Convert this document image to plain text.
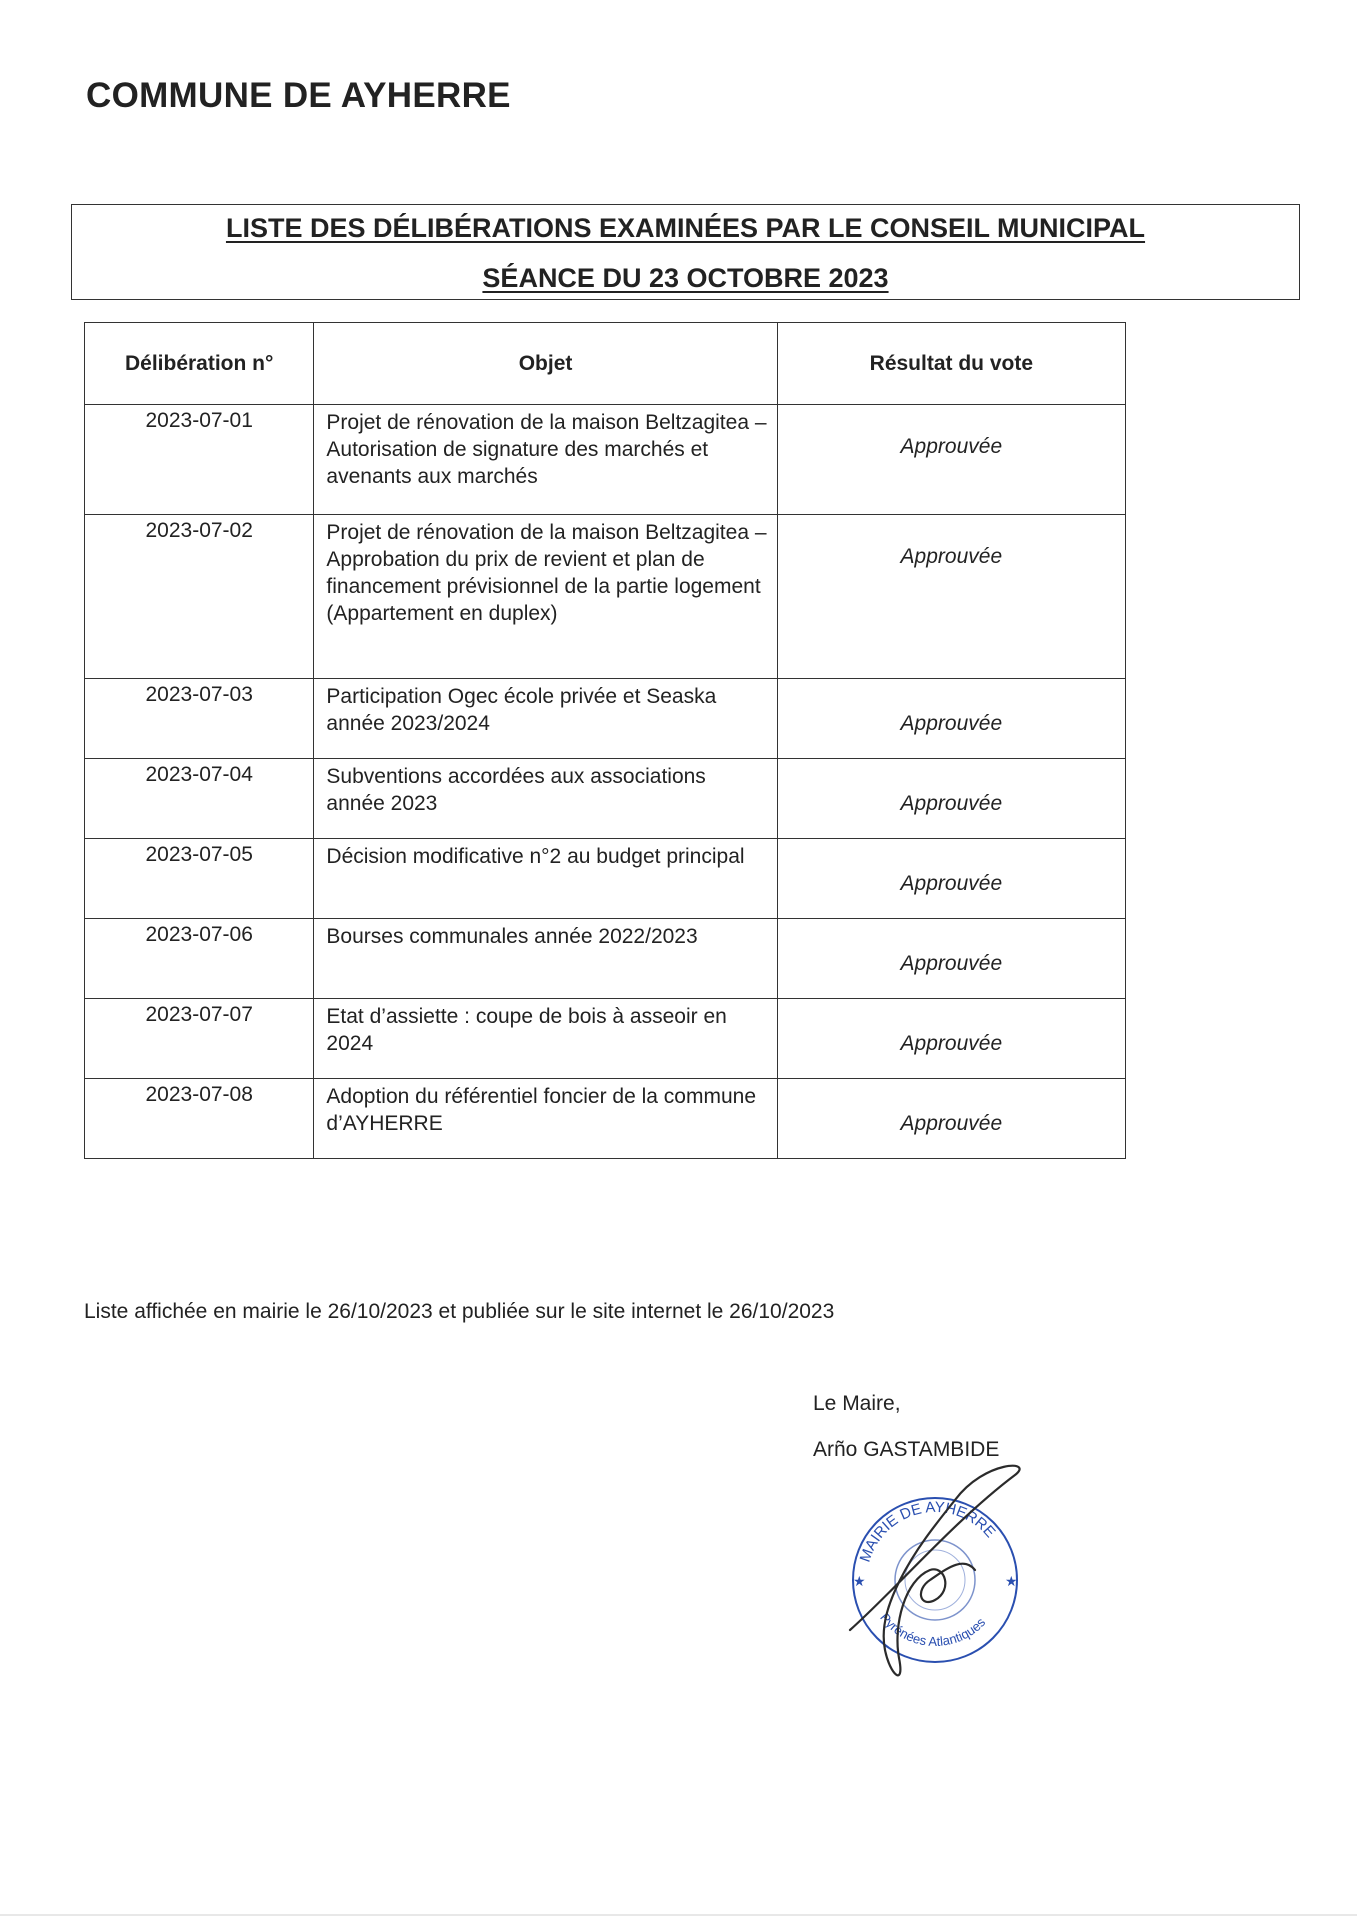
COMMUNE DE AYHERRE
LISTE DES DÉLIBÉRATIONS EXAMINÉES PAR LE CONSEIL MUNICIPAL
SÉANCE DU 23 OCTOBRE 2023
Délibération n°	Objet	Résultat du vote
2023-07-01	Projet de rénovation de la maison Beltzagitea – Autorisation de signature des marchés et avenants aux marchés	Approuvée
2023-07-02	Projet de rénovation de la maison Beltzagitea – Approbation du prix de revient et plan de financement prévisionnel de la partie logement (Appartement en duplex)	Approuvée
2023-07-03	Participation Ogec école privée et Seaska année 2023/2024	Approuvée
2023-07-04	Subventions accordées aux associations année 2023	Approuvée
2023-07-05	Décision modificative n°2 au budget principal	Approuvée
2023-07-06	Bourses communales année 2022/2023	Approuvée
2023-07-07	Etat d’assiette : coupe de bois à asseoir en 2024	Approuvée
2023-07-08	Adoption du référentiel foncier de la commune d’AYHERRE	Approuvée
Liste affichée en mairie le 26/10/2023 et publiée sur le site internet le 26/10/2023
Le Maire,
Arño GASTAMBIDE
MAIRIE DE AYHERRE
Pyrénées Atlantiques
★	★
